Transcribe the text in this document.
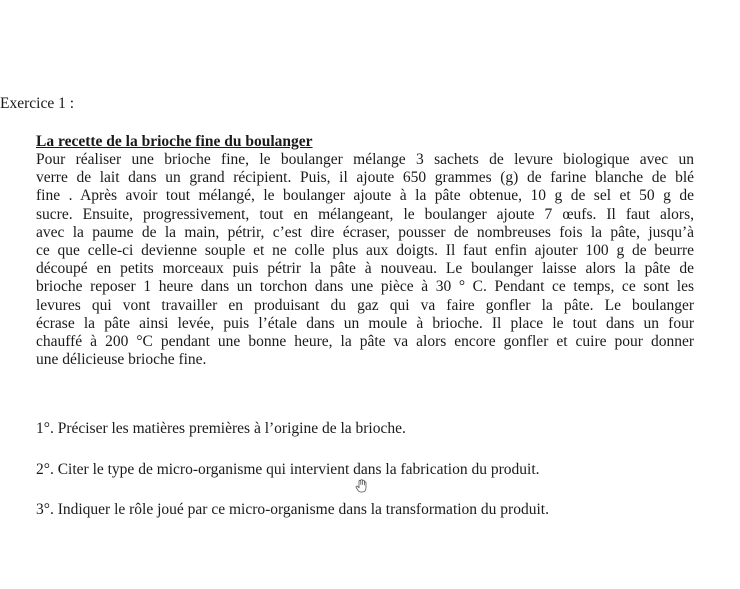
Exercice 1 :
La recette de la brioche fine du boulanger
Pour réaliser une brioche fine, le boulanger mélange 3 sachets de levure biologique avec un
verre de lait dans un grand récipient. Puis, il ajoute 650 grammes (g) de farine blanche de blé
fine . Après avoir tout mélangé, le boulanger ajoute à la pâte obtenue, 10 g de sel et 50 g de
sucre. Ensuite, progressivement, tout en mélangeant, le boulanger ajoute 7 œufs. Il faut alors,
avec la paume de la main, pétrir, c’est dire écraser, pousser de nombreuses fois la pâte, jusqu’à
ce que celle-ci devienne souple et ne colle plus aux doigts. Il faut enfin ajouter 100 g de beurre
découpé en petits morceaux puis pétrir la pâte à nouveau. Le boulanger laisse alors la pâte de
brioche reposer 1 heure dans un torchon dans une pièce à 30 ° C. Pendant ce temps, ce sont les
levures qui vont travailler en produisant du gaz qui va faire gonfler la pâte. Le boulanger
écrase la pâte ainsi levée, puis l’étale dans un moule à brioche. Il place le tout dans un four
chauffé à 200 °C pendant une bonne heure, la pâte va alors encore gonfler et cuire pour donner
une délicieuse brioche fine.
1°. Préciser les matières premières à l’origine de la brioche.
2°. Citer le type de micro-organisme qui intervient dans la fabrication du produit.
3°. Indiquer le rôle joué par ce micro-organisme dans la transformation du produit.
